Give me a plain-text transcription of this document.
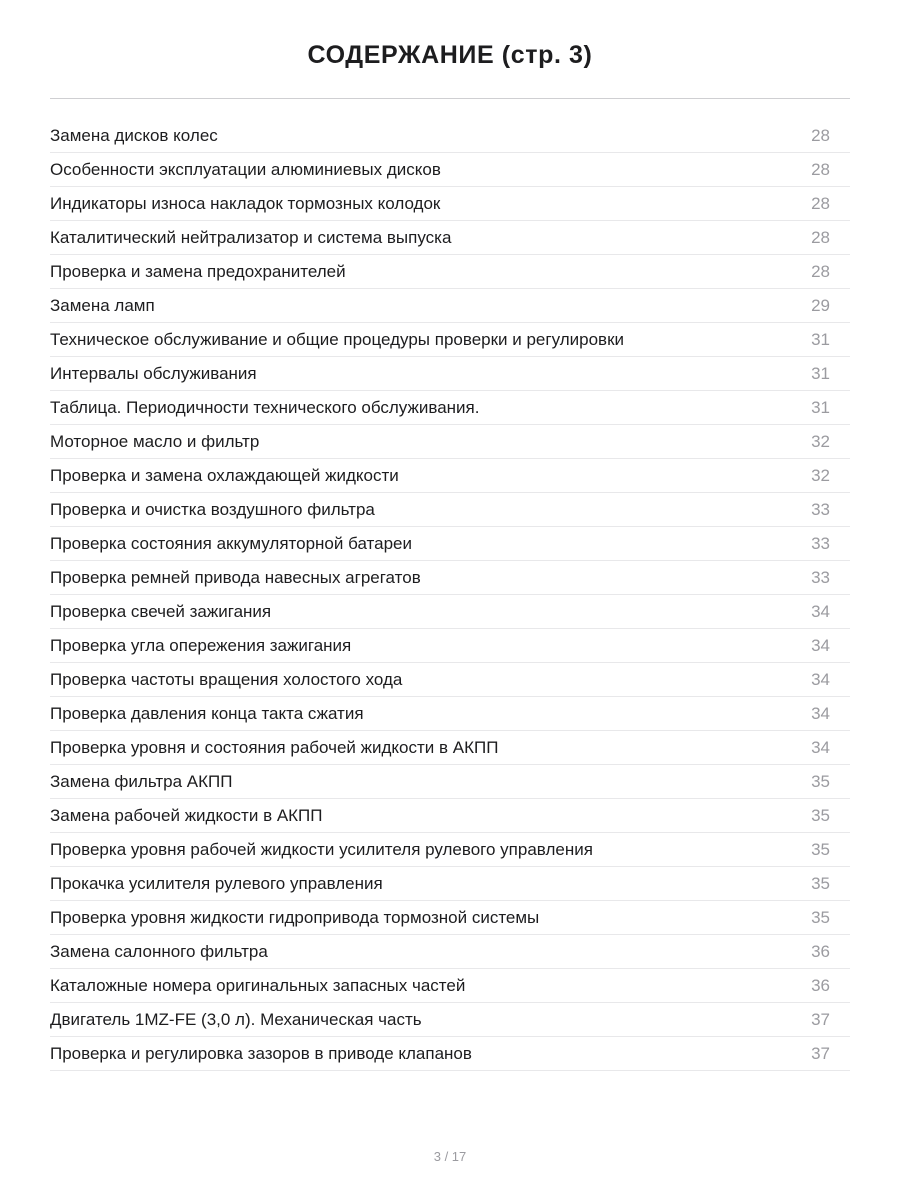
СОДЕРЖАНИЕ (стр. 3)
Замена дисков колес	28
Особенности эксплуатации алюминиевых дисков	28
Индикаторы износа накладок тормозных колодок	28
Каталитический нейтрализатор и система выпуска	28
Проверка и замена предохранителей	28
Замена ламп	29
Техническое обслуживание и общие процедуры проверки и регулировки	31
Интервалы обслуживания	31
Таблица. Периодичности технического обслуживания.	31
Моторное масло и фильтр	32
Проверка и замена охлаждающей жидкости	32
Проверка и очистка воздушного фильтра	33
Проверка состояния аккумуляторной батареи	33
Проверка ремней привода навесных агрегатов	33
Проверка свечей зажигания	34
Проверка угла опережения зажигания	34
Проверка частоты вращения холостого хода	34
Проверка давления конца такта сжатия	34
Проверка уровня и состояния рабочей жидкости в АКПП	34
Замена фильтра АКПП	35
Замена рабочей жидкости в АКПП	35
Проверка уровня рабочей жидкости усилителя рулевого управления	35
Прокачка усилителя рулевого управления	35
Проверка уровня жидкости гидропривода тормозной системы	35
Замена салонного фильтра	36
Каталожные номера оригинальных запасных частей	36
Двигатель 1MZ-FE (3,0 л). Механическая часть	37
Проверка и регулировка зазоров в приводе клапанов	37
3 / 17
